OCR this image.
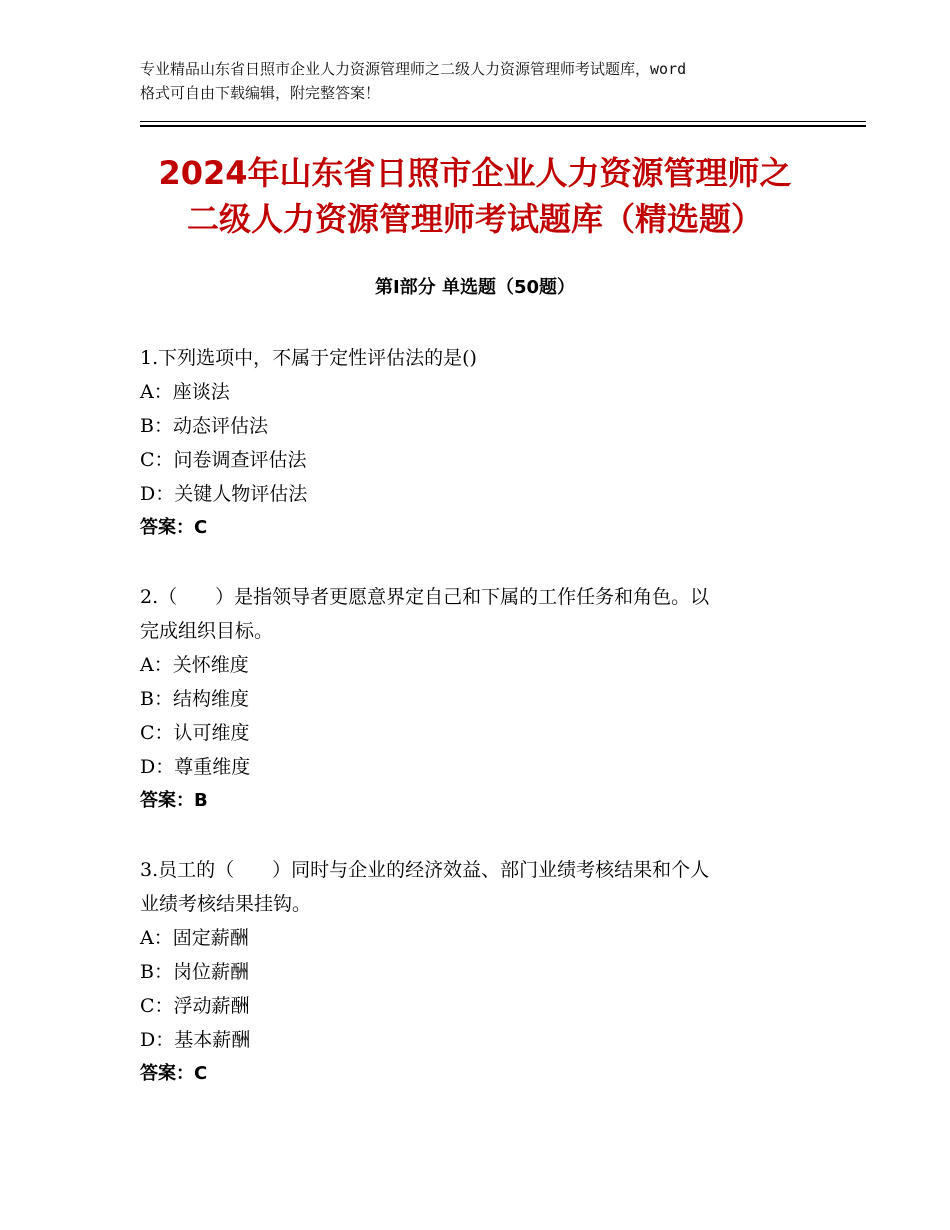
专业精品山东省日照市企业人力资源管理师之二级人力资源管理师考试题库，word
格式可自由下载编辑，附完整答案！
2024年山东省日照市企业人力资源管理师之
二级人力资源管理师考试题库（精选题）
第Ⅰ部分 单选题（50题）
1.下列选项中，不属于定性评估法的是()
A：座谈法
B：动态评估法
C：问卷调查评估法
D：关键人物评估法
答案：C
2.（　　）是指领导者更愿意界定自己和下属的工作任务和角色。以
完成组织目标。
A：关怀维度
B：结构维度
C：认可维度
D：尊重维度
答案：B
3.员工的（　　）同时与企业的经济效益、部门业绩考核结果和个人
业绩考核结果挂钩。
A：固定薪酬
B：岗位薪酬
C：浮动薪酬
D：基本薪酬
答案：C
